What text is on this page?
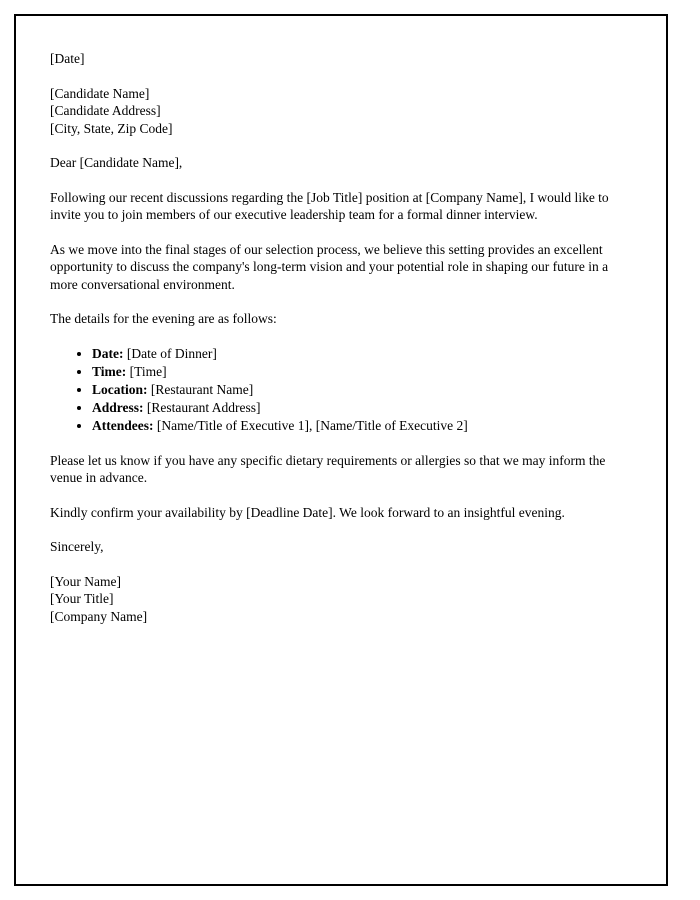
[Date]

[Candidate Name]
[Candidate Address]
[City, State, Zip Code]

Dear [Candidate Name],

Following our recent discussions regarding the [Job Title] position at [Company Name], I would like to invite you to join members of our executive leadership team for a formal dinner interview.

As we move into the final stages of our selection process, we believe this setting provides an excellent opportunity to discuss the company's long-term vision and your potential role in shaping our future in a more conversational environment.

The details for the evening are as follows:

• Date: [Date of Dinner]
• Time: [Time]
• Location: [Restaurant Name]
• Address: [Restaurant Address]
• Attendees: [Name/Title of Executive 1], [Name/Title of Executive 2]

Please let us know if you have any specific dietary requirements or allergies so that we may inform the venue in advance.

Kindly confirm your availability by [Deadline Date]. We look forward to an insightful evening.

Sincerely,

[Your Name]
[Your Title]
[Company Name]
